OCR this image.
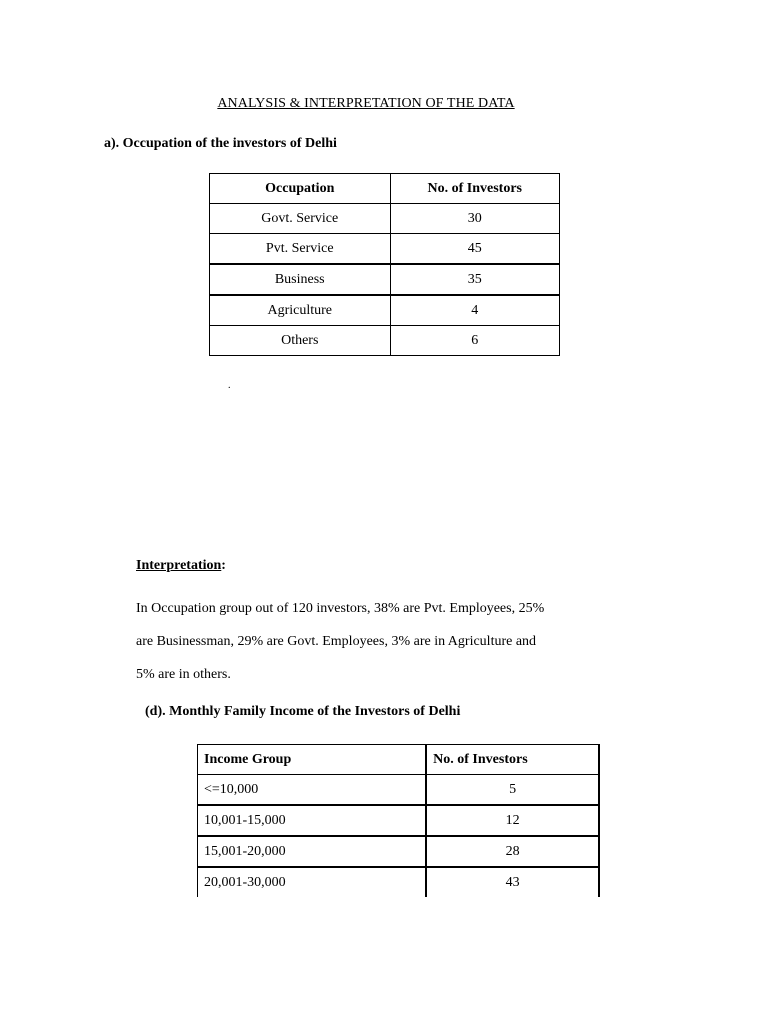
ANALYSIS & INTERPRETATION OF THE DATA
a). Occupation of the investors of Delhi
Occupation	No. of Investors
Govt. Service	30
Pvt. Service	45
Business	35
Agriculture	4
Others	6
.
Interpretation:
In Occupation group out of 120 investors, 38% are Pvt. Employees, 25%
are Businessman, 29% are Govt. Employees, 3% are in Agriculture and
5% are in others.
(d). Monthly Family Income of the Investors of Delhi
Income Group	No. of Investors
<=10,000	5
10,001-15,000	12
15,001-20,000	28
20,001-30,000	43
